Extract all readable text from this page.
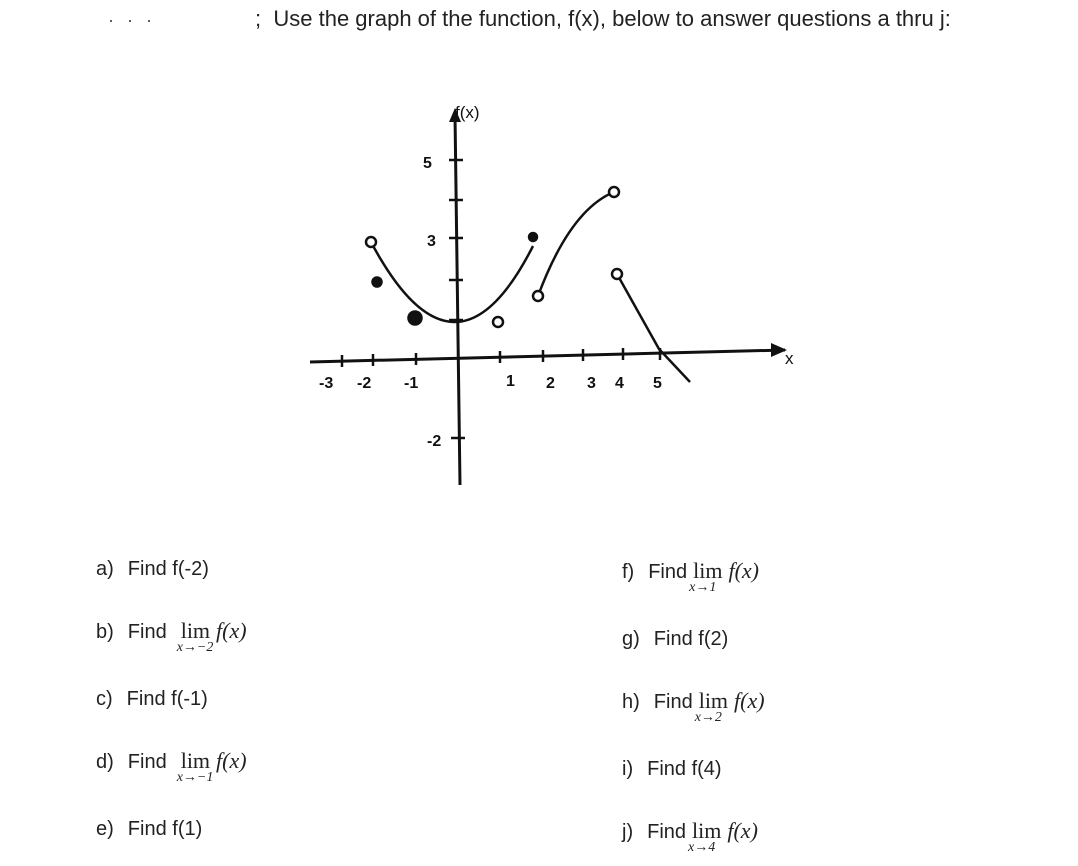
· · ·	; Use the graph of the function, f(x), below to answer questions a thru j:
-3 -2 -1	1 2 3 4 5
5
3
-2
f(x)
x
a) Find f(-2)
b) Find lim
x→−2
f(x)
c) Find f(-1)
d) Find lim
x→−1
f(x)
e) Find f(1)
f) Find lim
x→1
f(x)
g) Find f(2)
h) Find lim
x→2
f(x)
i) Find f(4)
j) Find lim
x→4
f(x)
